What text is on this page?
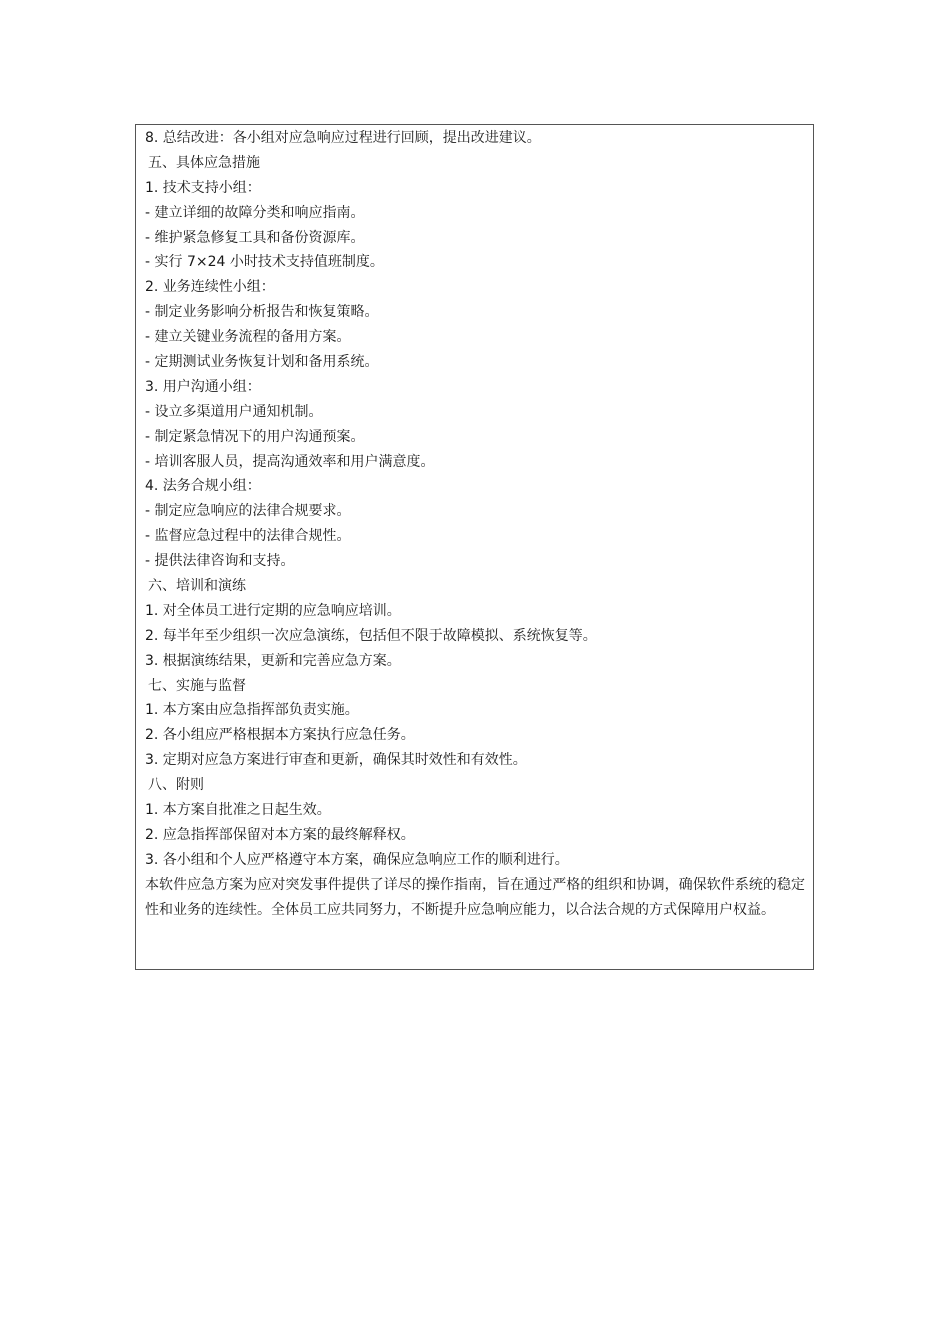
8. 总结改进：各小组对应急响应过程进行回顾，提出改进建议。
五、具体应急措施
1. 技术支持小组：
- 建立详细的故障分类和响应指南。
- 维护紧急修复工具和备份资源库。
- 实行 7×24 小时技术支持值班制度。
2. 业务连续性小组：
- 制定业务影响分析报告和恢复策略。
- 建立关键业务流程的备用方案。
- 定期测试业务恢复计划和备用系统。
3. 用户沟通小组：
- 设立多渠道用户通知机制。
- 制定紧急情况下的用户沟通预案。
- 培训客服人员，提高沟通效率和用户满意度。
4. 法务合规小组：
- 制定应急响应的法律合规要求。
- 监督应急过程中的法律合规性。
- 提供法律咨询和支持。
六、培训和演练
1. 对全体员工进行定期的应急响应培训。
2. 每半年至少组织一次应急演练，包括但不限于故障模拟、系统恢复等。
3. 根据演练结果，更新和完善应急方案。
七、实施与监督
1. 本方案由应急指挥部负责实施。
2. 各小组应严格根据本方案执行应急任务。
3. 定期对应急方案进行审查和更新，确保其时效性和有效性。
八、附则
1. 本方案自批准之日起生效。
2. 应急指挥部保留对本方案的最终解释权。
3. 各小组和个人应严格遵守本方案，确保应急响应工作的顺利进行。

本软件应急方案为应对突发事件提供了详尽的操作指南，旨在通过严格的组织和协调，确保软件系统的稳定性和业务的连续性。全体员工应共同努力，不断提升应急响应能力，以合法合规的方式保障用户权益。
